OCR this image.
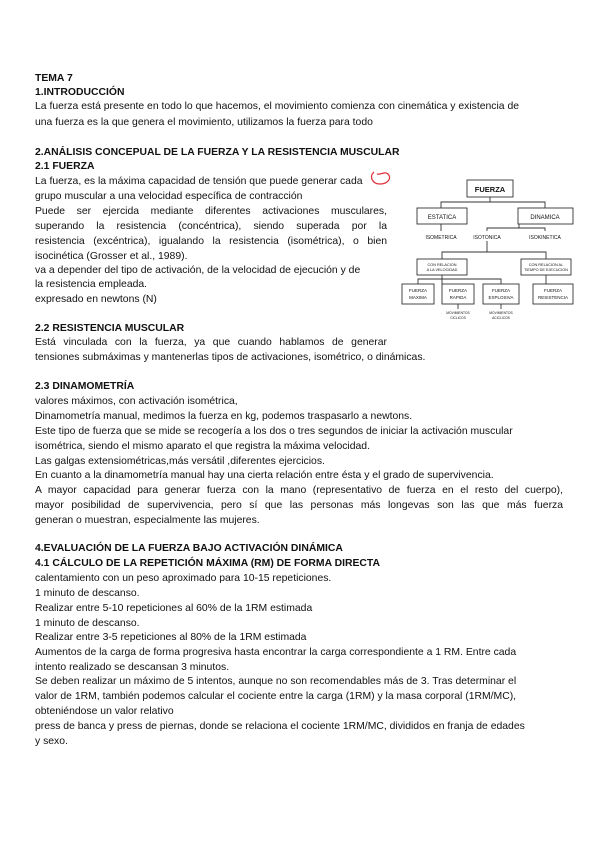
TEMA 7
1.INTRODUCCIÓN
La fuerza está presente en todo lo que hacemos, el movimiento comienza con cinemática y existencia de
una fuerza es la que genera el movimiento, utilizamos la fuerza para todo
2.ANÁLISIS CONCEPUAL DE LA FUERZA Y LA RESISTENCIA MUSCULAR
2.1 FUERZA
La fuerza, es la máxima capacidad de tensión que puede generar cada
grupo muscular a una velocidad específica de contracción
Puede ser ejercida mediante diferentes activaciones musculares,
superando la resistencia (concéntrica), siendo superada por la
resistencia (excéntrica), igualando la resistencia (isométrica), o bien
isocinética (Grosser et al., 1989).
va a depender del tipo de activación, de la velocidad de ejecución y de
la resistencia empleada.
expresado en newtons (N)
2.2 RESISTENCIA MUSCULAR
Está vinculada con la fuerza, ya que cuando hablamos de generar
tensiones submáximas y mantenerlas tipos de activaciones, isométrico, o dinámicas.
2.3 DINAMOMETRÍA
valores máximos, con activación isométrica,
Dinamometría manual, medimos la fuerza en kg, podemos traspasarlo a newtons.
Este tipo de fuerza que se mide se recogería a los dos o tres segundos de iniciar la activación muscular
isométrica, siendo el mismo aparato el que registra la máxima velocidad.
Las galgas extensiométricas,más versátil ,diferentes ejercicios.
En cuanto a la dinamometría manual hay una cierta relación entre ésta y el grado de supervivencia.
A mayor capacidad para generar fuerza con la mano (representativo de fuerza en el resto del cuerpo),
mayor posibilidad de supervivencia, pero sí que las personas más longevas son las que más fuerza
generan o muestran, especialmente las mujeres.
4.EVALUACIÓN DE LA FUERZA BAJO ACTIVACIÓN DINÁMICA
4.1 CÁLCULO DE LA REPETICIÓN MÁXIMA (RM) DE FORMA DIRECTA
calentamiento con un peso aproximado para 10-15 repeticiones.
1 minuto de descanso.
Realizar entre 5-10 repeticiones al 60% de la 1RM estimada
1 minuto de descanso.
Realizar entre 3-5 repeticiones al 80% de la 1RM estimada
Aumentos de la carga de forma progresiva hasta encontrar la carga correspondiente a 1 RM. Entre cada
intento realizado se descansan 3 minutos.
Se deben realizar un máximo de 5 intentos, aunque no son recomendables más de 3. Tras determinar el
valor de 1RM, también podemos calcular el cociente entre la carga (1RM) y la masa corporal (1RM/MC),
obteniéndose un valor relativo
press de banca y press de piernas, donde se relaciona el cociente 1RM/MC, divididos en franja de edades
y sexo.
FUERZA
ESTATICA	DINAMICA
ISOMETRICA	ISOTONICA	ISOKINETICA
CON RELACION
A LA VELOCIDAD
CON RELACION AL
TIEMPO DE EJECUCION
FUERZA
MAXIMA
FUERZA
RAPIDA
FUERZA
EXPLOSIVA
FUERZA
RESISTENCIA
MOVIMIENTOS
CICLICOS
MOVIMIENTOS
ACICLICOS
